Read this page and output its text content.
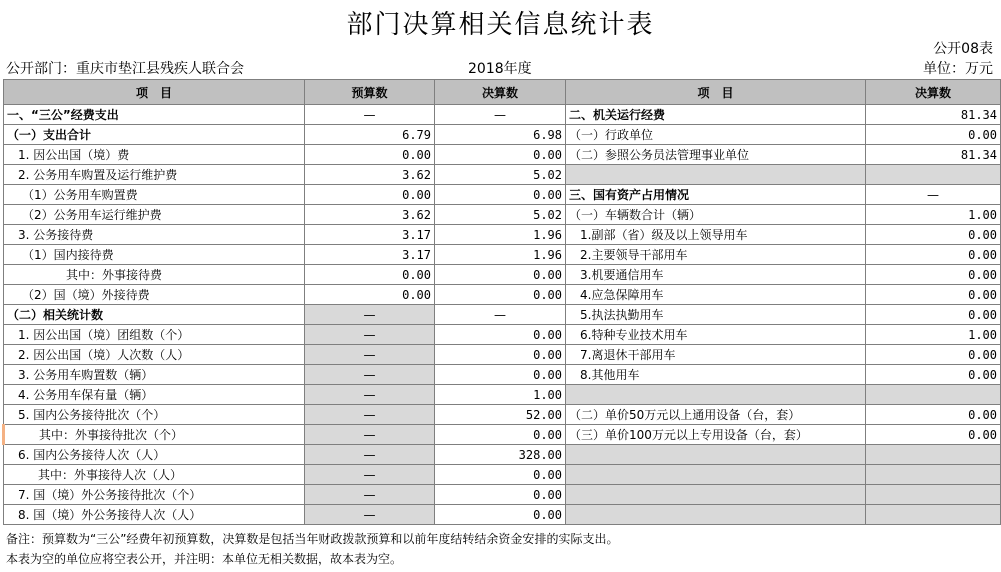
部门决算相关信息统计表
公开08表
公开部门：重庆市垫江县残疾人联合会	2018年度	单位：万元
项　目	预算数	决算数	项　目	决算数
一、“三公”经费支出	—	—	二、机关运行经费	81.34
（一）支出合计	6.79	6.98	（一）行政单位	0.00
1. 因公出国（境）费	0.00	0.00	（二）参照公务员法管理事业单位	81.34
2. 公务用车购置及运行维护费	3.62	5.02		
（1）公务用车购置费	0.00	0.00	三、国有资产占用情况	—
（2）公务用车运行维护费	3.62	5.02	（一）车辆数合计（辆）	1.00
3. 公务接待费	3.17	1.96	1.副部（省）级及以上领导用车	0.00
（1）国内接待费	3.17	1.96	2.主要领导干部用车	0.00
其中：外事接待费	0.00	0.00	3.机要通信用车	0.00
（2）国（境）外接待费	0.00	0.00	4.应急保障用车	0.00
（二）相关统计数	—	—	5.执法执勤用车	0.00
1. 因公出国（境）团组数（个）	—	0.00	6.特种专业技术用车	1.00
2. 因公出国（境）人次数（人）	—	0.00	7.离退休干部用车	0.00
3. 公务用车购置数（辆）	—	0.00	8.其他用车	0.00
4. 公务用车保有量（辆）	—	1.00		
5. 国内公务接待批次（个）	—	52.00	（二）单价50万元以上通用设备（台，套）	0.00
其中：外事接待批次（个）	—	0.00	（三）单价100万元以上专用设备（台，套）	0.00
6. 国内公务接待人次（人）	—	328.00		
其中：外事接待人次（人）	—	0.00		
7. 国（境）外公务接待批次（个）	—	0.00		
8. 国（境）外公务接待人次（人）	—	0.00		
备注：预算数为“三公”经费年初预算数，决算数是包括当年财政拨款预算和以前年度结转结余资金安排的实际支出。
本表为空的单位应将空表公开，并注明：本单位无相关数据，故本表为空。
